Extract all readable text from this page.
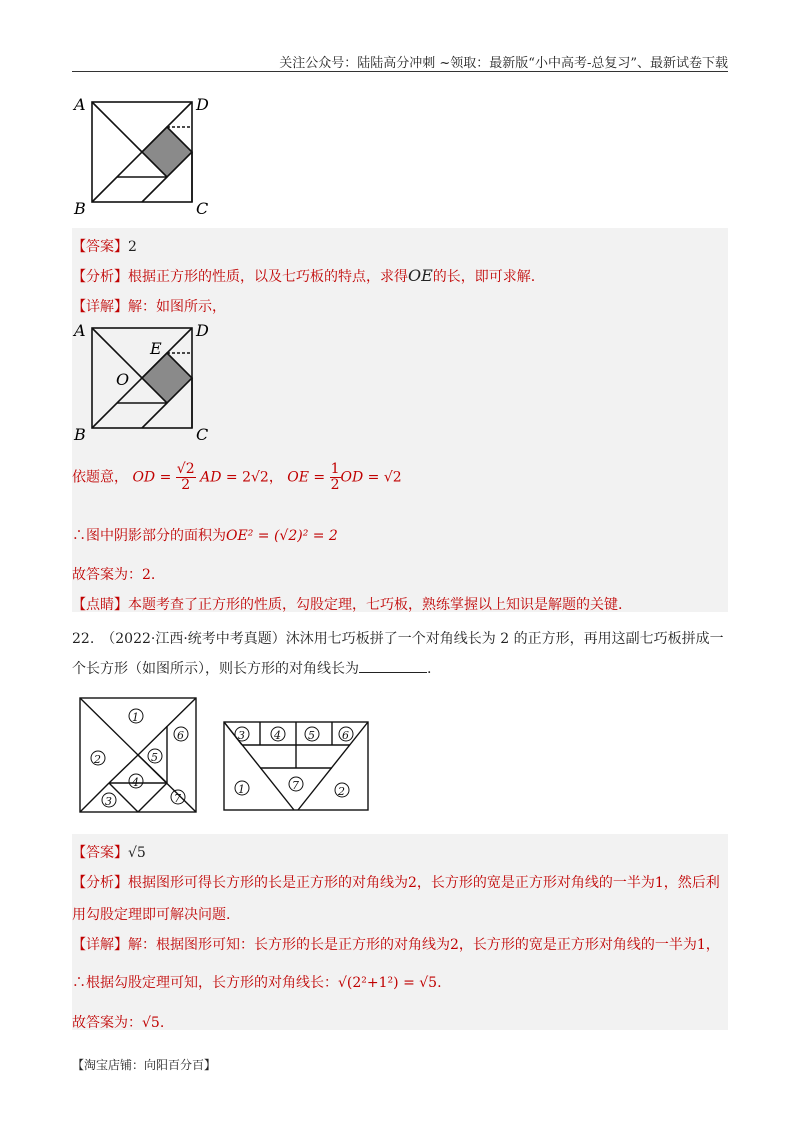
关注公众号：陆陆高分冲刺 ~领取：最新版“小中高考-总复习”、最新试卷下载
A	D
B	C
【答案】2
【分析】根据正方形的性质，以及七巧板的特点，求得OE的长，即可求解.
【详解】解：如图所示，
A	D
B	C
E
O
依题意， OD = $\frac{√2}{2}$ AD = 2√2， OE = $\frac{1}{2}$ OD = √2
∴图中阴影部分的面积为OE² = (√2)² = 2
故答案为：2.
【点睛】本题考查了正方形的性质，勾股定理，七巧板，熟练掌握以上知识是解题的关键.
22.　（2022·江西·统考中考真题）沐沐用七巧板拼了一个对角线长为 2 的正方形，再用这副七巧板拼成一
个长方形（如图所示），则长方形的对角线长为	.
1
2
3
4
5
6
7
3	4 5 6
1	7	2
【答案】√5
【分析】根据图形可得长方形的长是正方形的对角线为2，长方形的宽是正方形对角线的一半为1，然后利
用勾股定理即可解决问题.
【详解】解：根据图形可知：长方形的长是正方形的对角线为2，长方形的宽是正方形对角线的一半为1，
∴根据勾股定理可知，长方形的对角线长：√(2²+1²) = √5.
故答案为：√5.
【淘宝店铺：向阳百分百】
